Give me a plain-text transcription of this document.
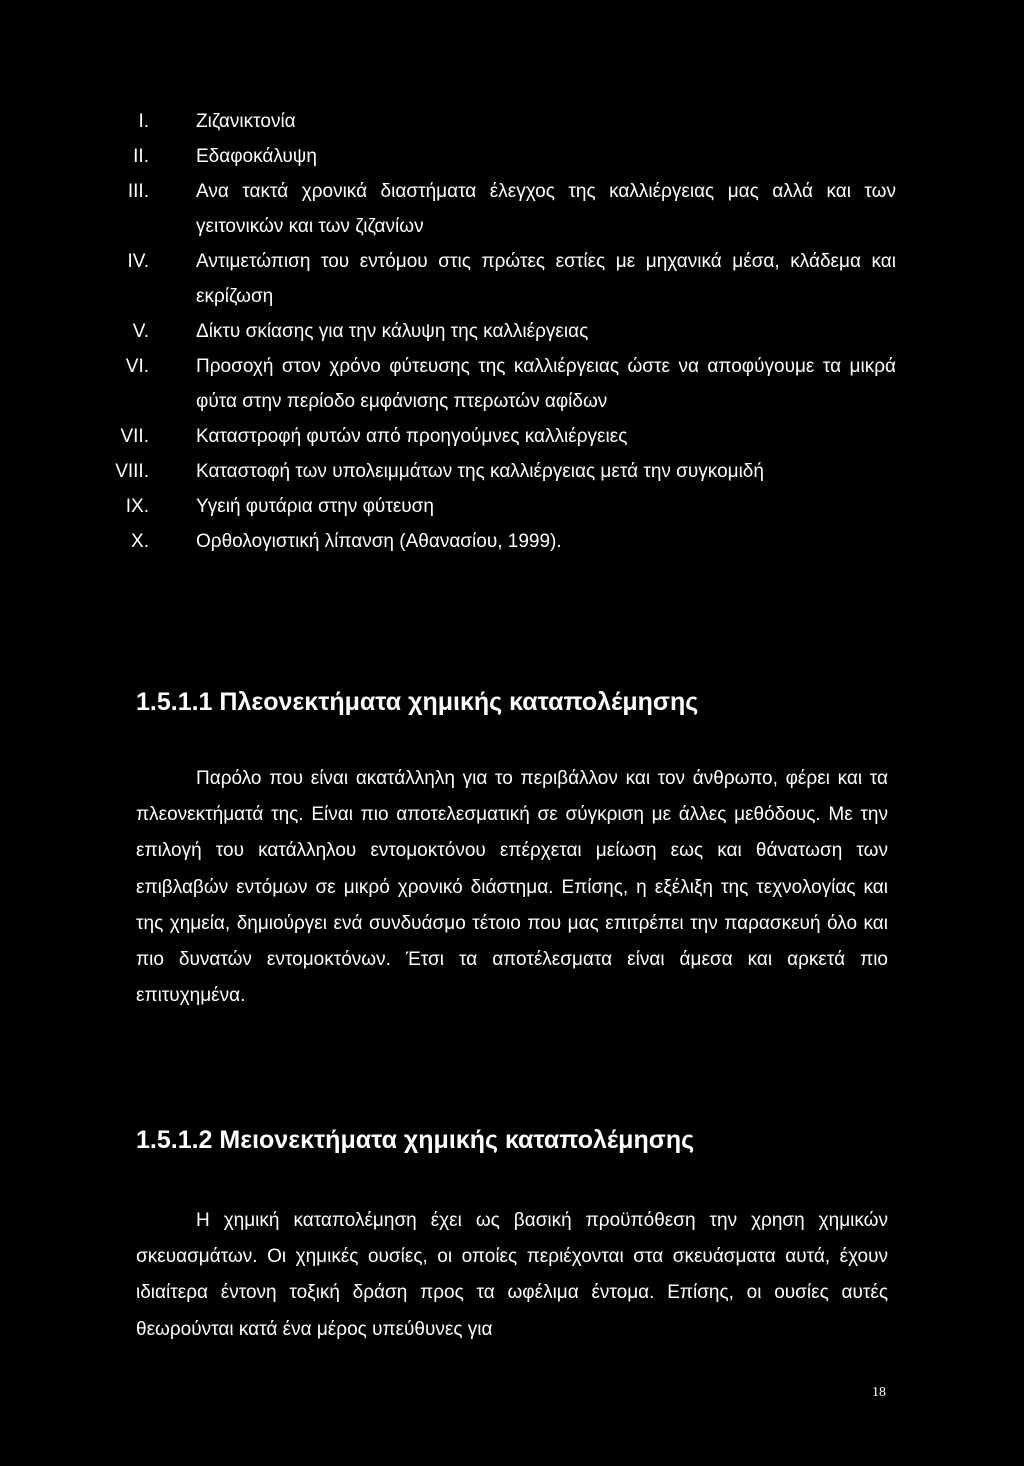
I. Ζιζανικτονία
II. Εδαφοκάλυψη
III. Ανα τακτά χρονικά διαστήματα έλεγχος της καλλιέργειας μας αλλά και των γειτονικών και των ζιζανίων
IV. Αντιμετώπιση του εντόμου στις πρώτες εστίες με μηχανικά μέσα, κλάδεμα και εκρίζωση
V. Δίκτυ σκίασης για την κάλυψη της καλλιέργειας
VI. Προσοχή στον χρόνο φύτευσης της καλλιέργειας ώστε να αποφύγουμε τα μικρά φύτα στην περίοδο εμφάνισης πτερωτών αφίδων
VII. Καταστροφή φυτών από προηγούμνες καλλιέργειες
VIII. Καταστοφή των υπολειμμάτων της καλλιέργειας μετά την συγκομιδή
IX. Υγειή φυτάρια στην φύτευση
X. Ορθολογιστική λίπανση (Αθανασίου, 1999).
1.5.1.1 Πλεονεκτήματα χημικής καταπολέμησης

Παρόλο που είναι ακατάλληλη για το περιβάλλον και τον άνθρωπο, φέρει και τα πλεονεκτήματά της. Είναι πιο αποτελεσματική σε σύγκριση με άλλες μεθόδους. Με την επιλογή του κατάλληλου εντομοκτόνου επέρχεται μείωση εως και θάνατωση των επιβλαβών εντόμων σε μικρό χρονικό διάστημα. Επίσης, η εξέλιξη της τεχνολογίας και της χημεία, δημιούργει ενά συνδυάσμο τέτοιο που μας επιτρέπει την παρασκευή όλο και πιο δυνατών εντομοκτόνων. Έτσι τα αποτέλεσματα είναι άμεσα και αρκετά πιο επιτυχημένα.

1.5.1.2 Μειονεκτήματα χημικής καταπολέμησης

Η χημική καταπολέμηση έχει ως βασική προϋπόθεση την χρηση χημικών σκευασμάτων. Οι χημικές ουσίες, οι οποίες περιέχονται στα σκευάσματα αυτά, έχουν ιδιαίτερα έντονη τοξική δράση προς τα ωφέλιμα έντομα. Επίσης, οι ουσίες αυτές θεωρούνται κατά ένα μέρος υπεύθυνες για

18
